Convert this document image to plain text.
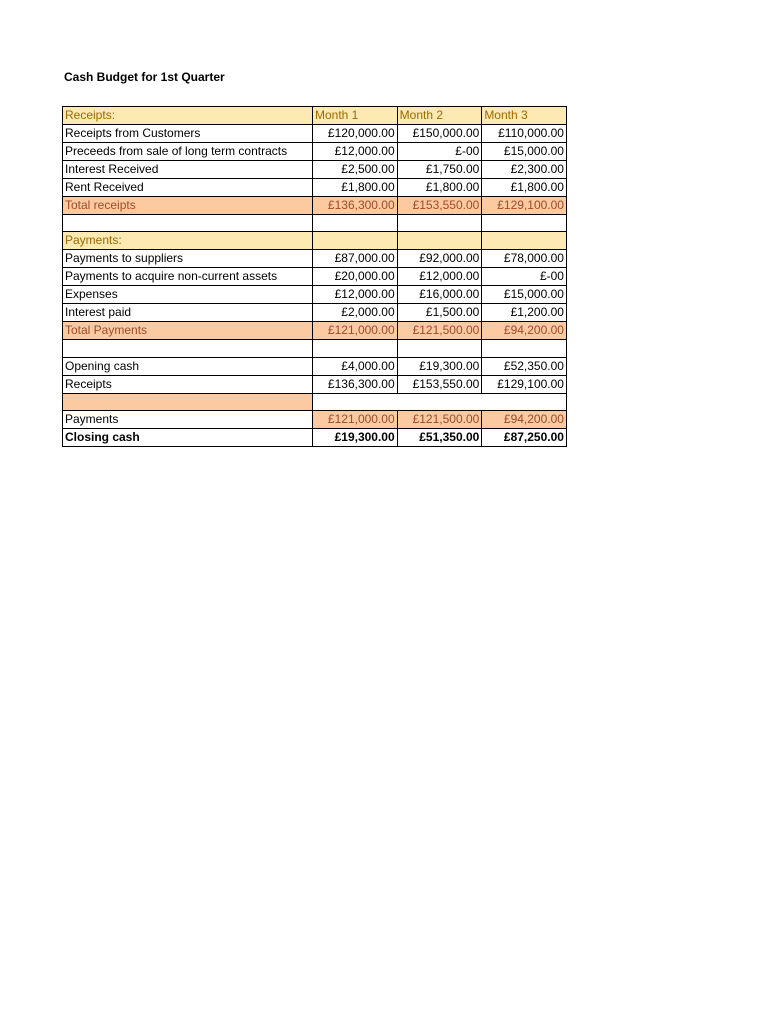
Cash Budget for 1st Quarter
Receipts:	Month 1	Month 2	Month 3
Receipts from Customers	£120,000.00	£150,000.00	£110,000.00
Preceeds from sale of long term contracts	£12,000.00	£-00	£15,000.00
Interest Received	£2,500.00	£1,750.00	£2,300.00
Rent Received	£1,800.00	£1,800.00	£1,800.00
Total receipts	£136,300.00	£153,550.00	£129,100.00

Payments:			
Payments to suppliers	£87,000.00	£92,000.00	£78,000.00
Payments to acquire non-current assets	£20,000.00	£12,000.00	£-00
Expenses	£12,000.00	£16,000.00	£15,000.00
Interest paid	£2,000.00	£1,500.00	£1,200.00
Total Payments	£121,000.00	£121,500.00	£94,200.00

Opening cash	£4,000.00	£19,300.00	£52,350.00
Receipts	£136,300.00	£153,550.00	£129,100.00

Payments	£121,000.00	£121,500.00	£94,200.00
Closing cash	£19,300.00	£51,350.00	£87,250.00
